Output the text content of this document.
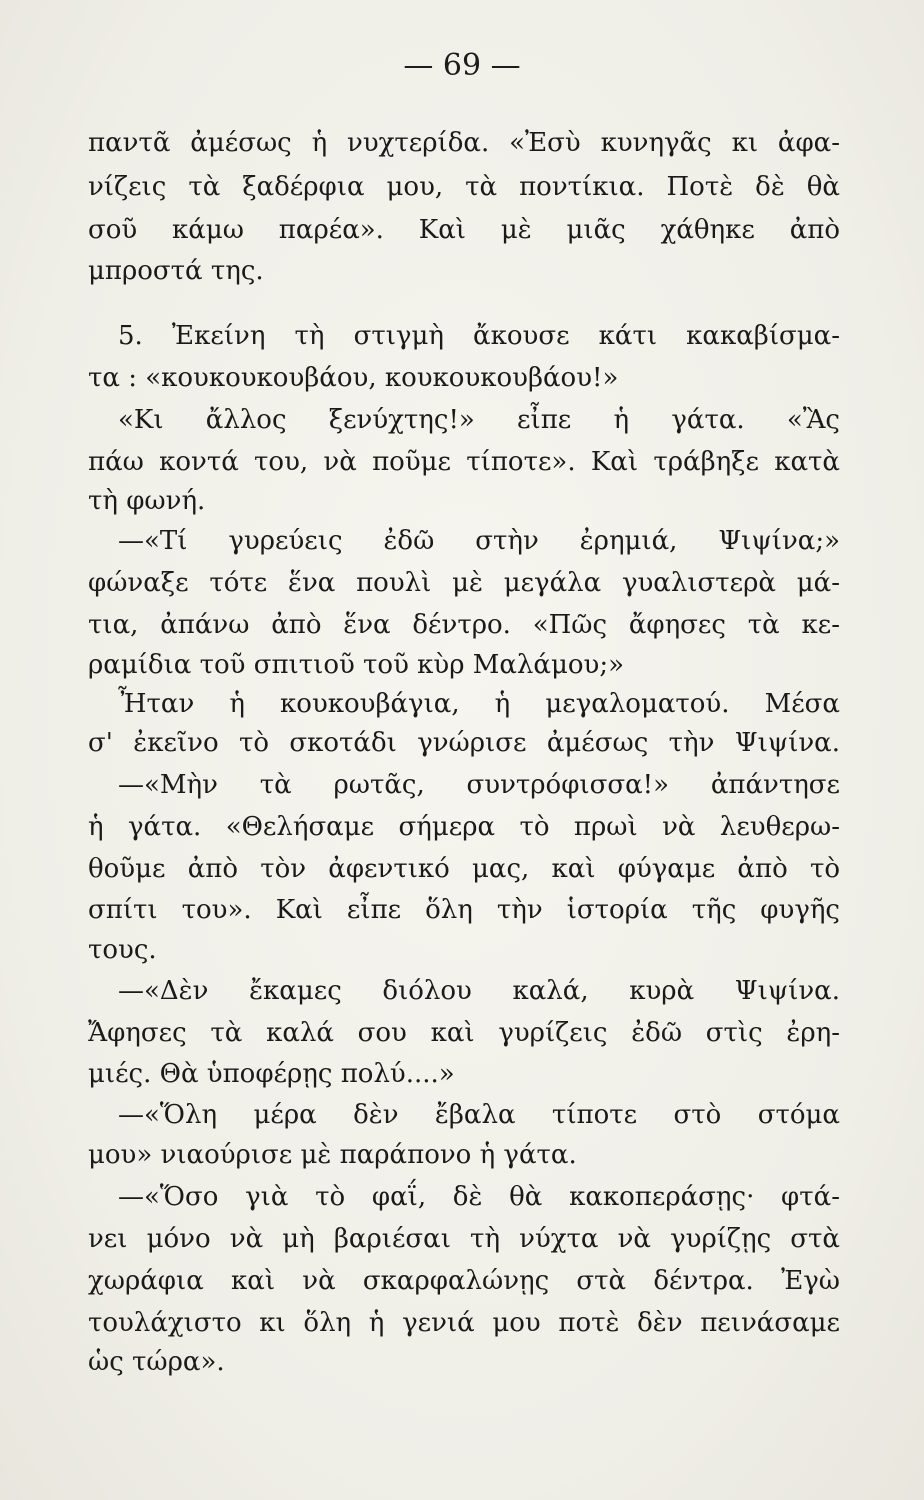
— 69 —
παντᾶ ἀμέσως ἡ νυχτερίδα. «Ἐσὺ κυνηγᾶς κι ἀφα-
νίζεις τὰ ξαδέρφια μου, τὰ ποντίκια. Ποτὲ δὲ θὰ
σοῦ κάμω παρέα». Καὶ μὲ μιᾶς χάθηκε ἀπὸ
μπροστά της.
5. Ἐκείνη τὴ στιγμὴ ἄκουσε κάτι κακαβίσμα-
τα : «κουκουκουβάου, κουκουκουβάου!»
«Κι ἄλλος ξενύχτης!» εἶπε ἡ γάτα. «Ἂς
πάω κοντά του, νὰ ποῦμε τίποτε». Καὶ τράβηξε κατὰ
τὴ φωνή.
—«Τί γυρεύεις ἐδῶ στὴν ἐρημιά, Ψιψίνα;»
φώναξε τότε ἕνα πουλὶ μὲ μεγάλα γυαλιστερὰ μά-
τια, ἀπάνω ἀπὸ ἕνα δέντρο. «Πῶς ἄφησες τὰ κε-
ραμίδια τοῦ σπιτιοῦ τοῦ κὺρ Μαλάμου;»
Ἦταν ἡ κουκουβάγια, ἡ μεγαλοματού. Μέσα
σ' ἐκεῖνο τὸ σκοτάδι γνώρισε ἀμέσως τὴν Ψιψίνα.
—«Μὴν τὰ ρωτᾶς, συντρόφισσα!» ἀπάντησε
ἡ γάτα. «Θελήσαμε σήμερα τὸ πρωὶ νὰ λευθερω-
θοῦμε ἀπὸ τὸν ἀφεντικό μας, καὶ φύγαμε ἀπὸ τὸ
σπίτι του». Καὶ εἶπε ὅλη τὴν ἱστορία τῆς φυγῆς
τους.
—«Δὲν ἔκαμες διόλου καλά, κυρὰ Ψιψίνα.
Ἄφησες τὰ καλά σου καὶ γυρίζεις ἐδῶ στὶς ἐρη-
μιές. Θὰ ὑποφέρῃς πολύ....»
—«Ὅλη μέρα δὲν ἔβαλα τίποτε στὸ στόμα
μου» νιαούρισε μὲ παράπονο ἡ γάτα.
—«Ὅσο γιὰ τὸ φαΐ, δὲ θὰ κακοπεράσῃς· φτά-
νει μόνο νὰ μὴ βαριέσαι τὴ νύχτα νὰ γυρίζῃς στὰ
χωράφια καὶ νὰ σκαρφαλώνῃς στὰ δέντρα. Ἐγὼ
τουλάχιστο κι ὅλη ἡ γενιά μου ποτὲ δὲν πεινάσαμε
ὡς τώρα».
